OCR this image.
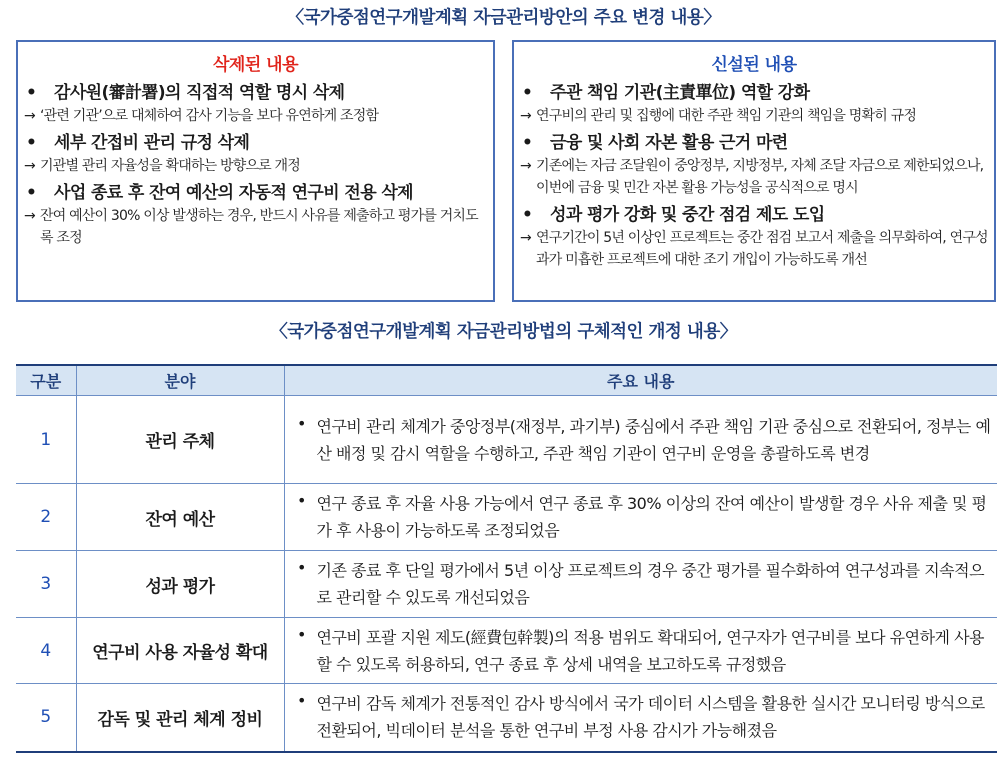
〈국가중점연구개발계획 자금관리방안의 주요 변경 내용〉
삭제된 내용
•	감사원(審計署)의 직접적 역할 명시 삭제
→ ‘관련 기관’으로 대체하여 감사 기능을 보다 유연하게 조정함
•	세부 간접비 관리 규정 삭제
→ 기관별 관리 자율성을 확대하는 방향으로 개정
•	사업 종료 후 잔여 예산의 자동적 연구비 전용 삭제
→ 잔여 예산이 30% 이상 발생하는 경우, 반드시 사유를 제출하고 평가를 거치도록 조정
신설된 내용
•	주관 책임 기관(主責單位) 역할 강화
→ 연구비의 관리 및 집행에 대한 주관 책임 기관의 책임을 명확히 규정
•	금융 및 사회 자본 활용 근거 마련
→ 기존에는 자금 조달원이 중앙정부, 지방정부, 자체 조달 자금으로 제한되었으나, 이번에 금융 및 민간 자본 활용 가능성을 공식적으로 명시
•	성과 평가 강화 및 중간 점검 제도 도입
→ 연구기간이 5년 이상인 프로젝트는 중간 점검 보고서 제출을 의무화하여, 연구성과가 미흡한 프로젝트에 대한 조기 개입이 가능하도록 개선
〈국가중점연구개발계획 자금관리방법의 구체적인 개정 내용〉
구분	분야	주요 내용
1	관리 주체	• 연구비 관리 체계가 중앙정부(재정부, 과기부) 중심에서 주관 책임 기관 중심으로 전환되어, 정부는 예산 배정 및 감시 역할을 수행하고, 주관 책임 기관이 연구비 운영을 총괄하도록 변경

2	잔여 예산	• 연구 종료 후 자율 사용 가능에서 연구 종료 후 30% 이상의 잔여 예산이 발생할 경우 사유 제출 및 평가 후 사용이 가능하도록 조정되었음

3	성과 평가	• 기존 종료 후 단일 평가에서 5년 이상 프로젝트의 경우 중간 평가를 필수화하여 연구성과를 지속적으로 관리할 수 있도록 개선되었음

4	연구비 사용 자율성 확대	• 연구비 포괄 지원 제도(經費包幹製)의 적용 범위도 확대되어, 연구자가 연구비를 보다 유연하게 사용할 수 있도록 허용하되, 연구 종료 후 상세 내역을 보고하도록 규정했음

5	감독 및 관리 체계 정비	• 연구비 감독 체계가 전통적인 감사 방식에서 국가 데이터 시스템을 활용한 실시간 모니터링 방식으로 전환되어, 빅데이터 분석을 통한 연구비 부정 사용 감시가 가능해졌음
